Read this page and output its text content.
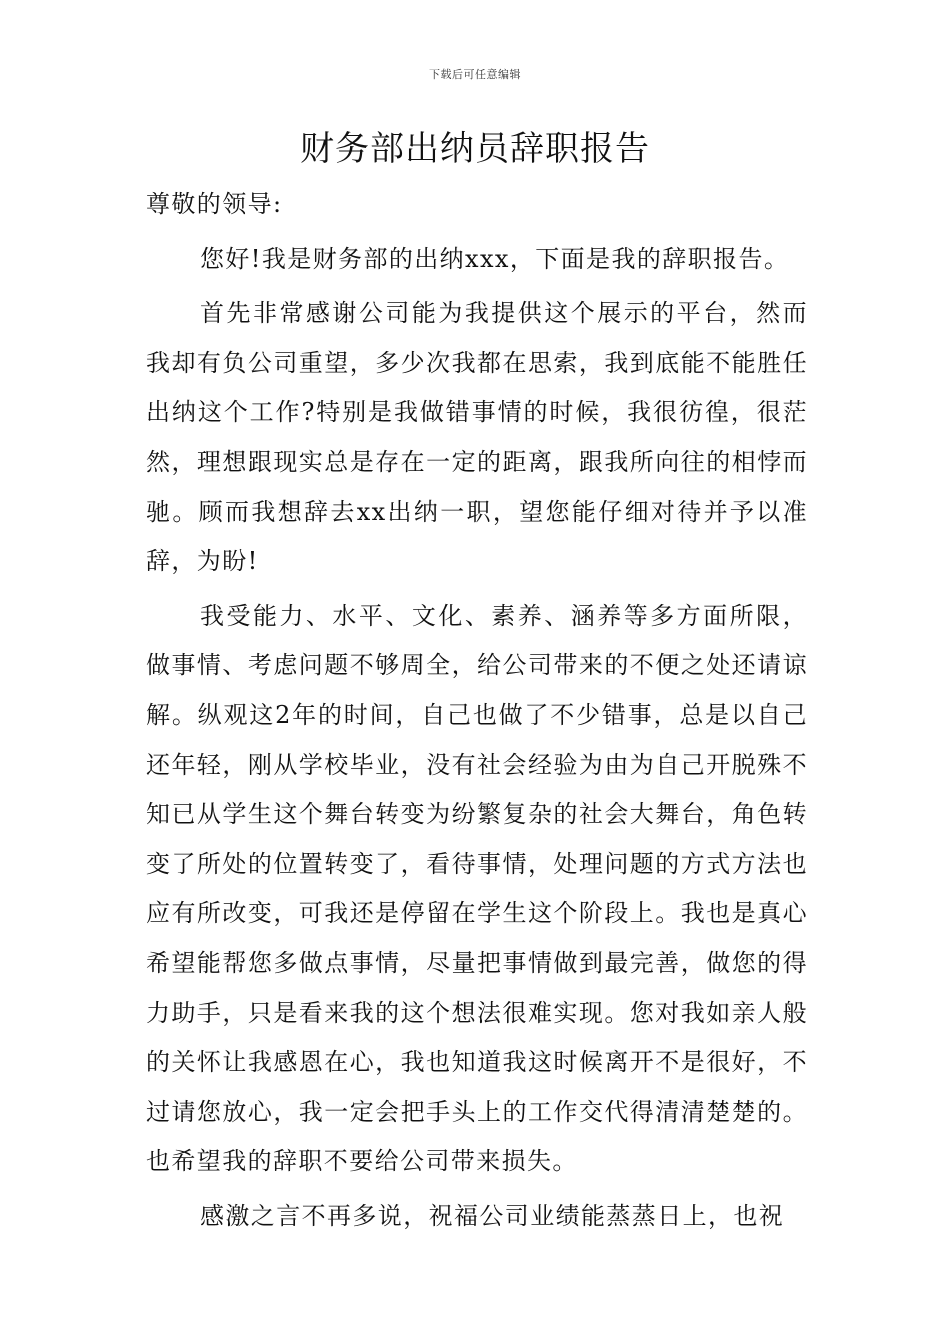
下载后可任意编辑
财务部出纳员辞职报告

尊敬的领导:

您好!我是财务部的出纳xxx，下面是我的辞职报告。

首先非常感谢公司能为我提供这个展示的平台，然而我却有负公司重望，多少次我都在思索，我到底能不能胜任出纳这个工作?特别是我做错事情的时候，我很彷徨，很茫然，理想跟现实总是存在一定的距离，跟我所向往的相悖而驰。顾而我想辞去xx出纳一职，望您能仔细对待并予以准辞，为盼!

我受能力、水平、文化、素养、涵养等多方面所限，做事情、考虑问题不够周全，给公司带来的不便之处还请谅解。纵观这2年的时间，自己也做了不少错事，总是以自己还年轻，刚从学校毕业，没有社会经验为由为自己开脱殊不知已从学生这个舞台转变为纷繁复杂的社会大舞台，角色转变了所处的位置转变了，看待事情，处理问题的方式方法也应有所改变，可我还是停留在学生这个阶段上。我也是真心希望能帮您多做点事情，尽量把事情做到最完善，做您的得力助手，只是看来我的这个想法很难实现。您对我如亲人般的关怀让我感恩在心，我也知道我这时候离开不是很好，不过请您放心，我一定会把手头上的工作交代得清清楚楚的。也希望我的辞职不要给公司带来损失。

感激之言不再多说，祝福公司业绩能蒸蒸日上，也祝
